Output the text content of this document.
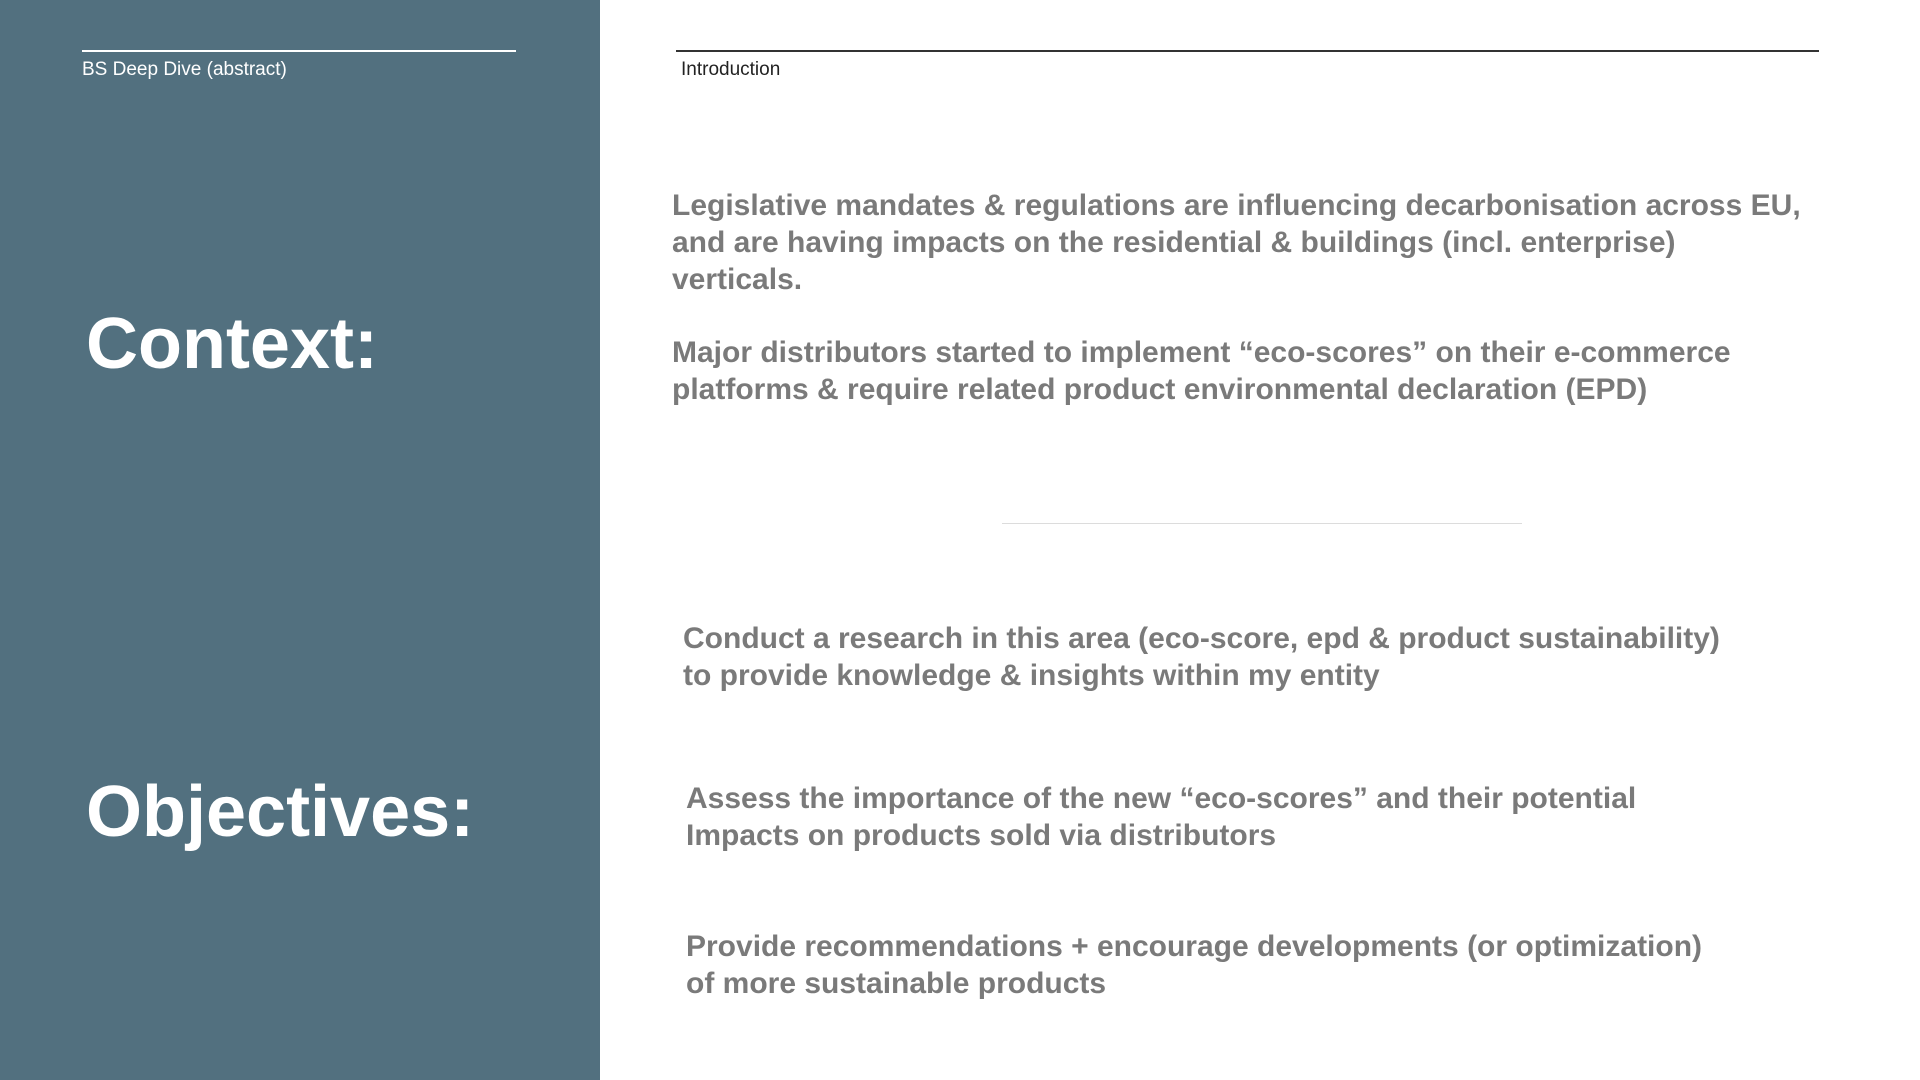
BS Deep Dive (abstract)
Context:
Objectives:
Introduction
Legislative mandates & regulations are influencing decarbonisation across EU,
and are having impacts on the residential & buildings (incl. enterprise)
verticals.
Major distributors started to implement “eco-scores” on their e-commerce
platforms & require related product environmental declaration (EPD)
Conduct a research in this area (eco-score, epd & product sustainability)
to provide knowledge & insights within my entity
Assess the importance of the new “eco-scores” and their potential
Impacts on products sold via distributors
Provide recommendations + encourage developments (or optimization)
of more sustainable products
